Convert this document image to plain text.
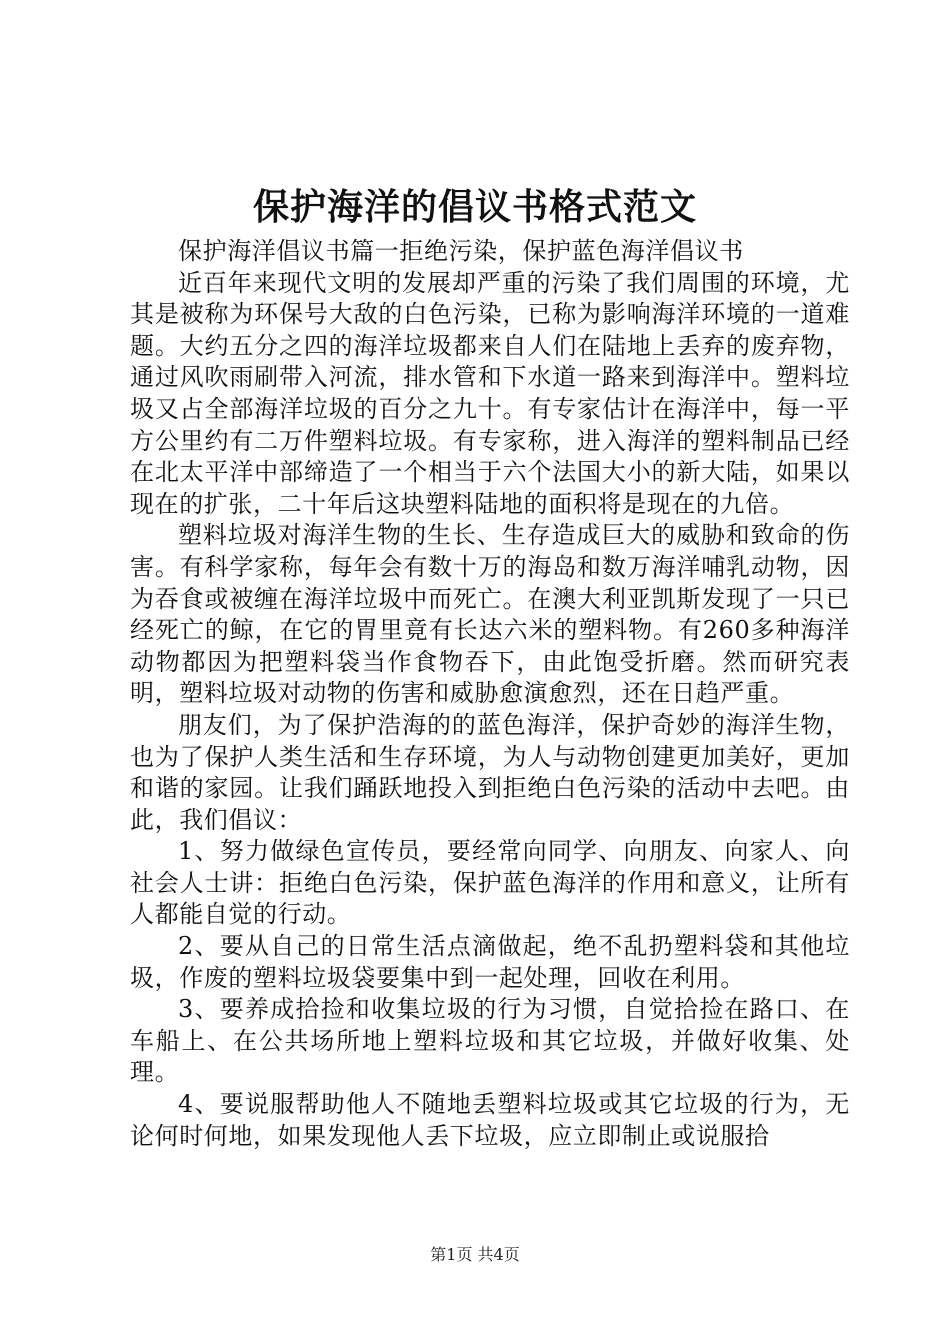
保护海洋的倡议书格式范文

保护海洋倡议书篇一拒绝污染，保护蓝色海洋倡议书

近百年来现代文明的发展却严重的污染了我们周围的环境，尤其是被称为环保号大敌的白色污染，已称为影响海洋环境的一道难题。大约五分之四的海洋垃圾都来自人们在陆地上丢弃的废弃物，通过风吹雨刷带入河流，排水管和下水道一路来到海洋中。塑料垃圾又占全部海洋垃圾的百分之九十。有专家估计在海洋中，每一平方公里约有二万件塑料垃圾。有专家称，进入海洋的塑料制品已经在北太平洋中部缔造了一个相当于六个法国大小的新大陆，如果以现在的扩张，二十年后这块塑料陆地的面积将是现在的九倍。

塑料垃圾对海洋生物的生长、生存造成巨大的威胁和致命的伤害。有科学家称，每年会有数十万的海岛和数万海洋哺乳动物，因为吞食或被缠在海洋垃圾中而死亡。在澳大利亚凯斯发现了一只已经死亡的鲸，在它的胃里竟有长达六米的塑料物。有260多种海洋动物都因为把塑料袋当作食物吞下，由此饱受折磨。然而研究表明，塑料垃圾对动物的伤害和威胁愈演愈烈，还在日趋严重。

朋友们，为了保护浩海的的蓝色海洋，保护奇妙的海洋生物，也为了保护人类生活和生存环境，为人与动物创建更加美好，更加和谐的家园。让我们踊跃地投入到拒绝白色污染的活动中去吧。由此，我们倡议：

1、努力做绿色宣传员，要经常向同学、向朋友、向家人、向社会人士讲：拒绝白色污染，保护蓝色海洋的作用和意义，让所有人都能自觉的行动。

2、要从自己的日常生活点滴做起，绝不乱扔塑料袋和其他垃圾，作废的塑料垃圾袋要集中到一起处理，回收在利用。

3、要养成拾捡和收集垃圾的行为习惯，自觉拾捡在路口、在车船上、在公共场所地上塑料垃圾和其它垃圾，并做好收集、处理。

4、要说服帮助他人不随地丢塑料垃圾或其它垃圾的行为，无论何时何地，如果发现他人丢下垃圾，应立即制止或说服拾

第1页 共4页
